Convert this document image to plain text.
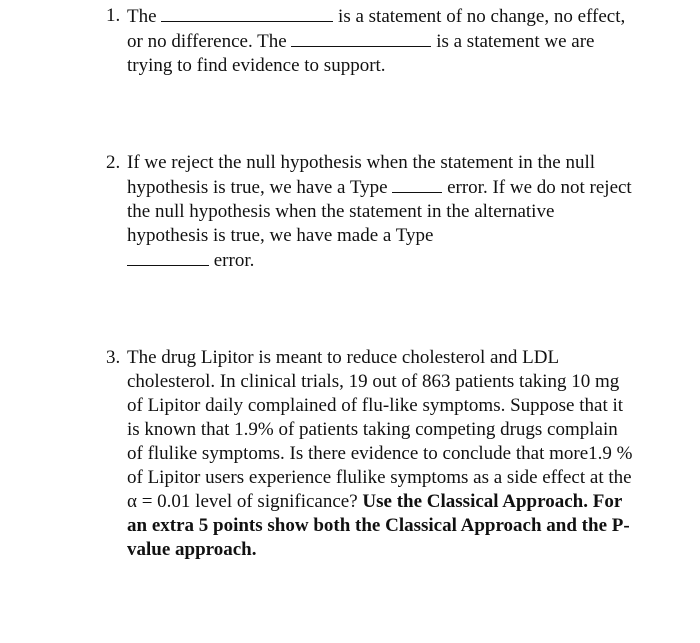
1. The	is a statement of no change, no effect, or no difference. The	is a statement we are trying to find evidence to support.
2. If we reject the null hypothesis when the statement in the null hypothesis is true, we have a Type	error. If we do not reject the null hypothesis when the statement in the alternative hypothesis is true, we have made a Type
error.
3. The drug Lipitor is meant to reduce cholesterol and LDL cholesterol. In clinical trials, 19 out of 863 patients taking 10 mg of Lipitor daily complained of flu-like symptoms. Suppose that it is known that 1.9% of patients taking competing drugs complain of flulike symptoms. Is there evidence to conclude that more1.9 % of Lipitor users experience flulike symptoms as a side effect at the α = 0.01 level of significance? Use the Classical Approach. For an extra 5 points show both the Classical Approach and the P-value approach.
